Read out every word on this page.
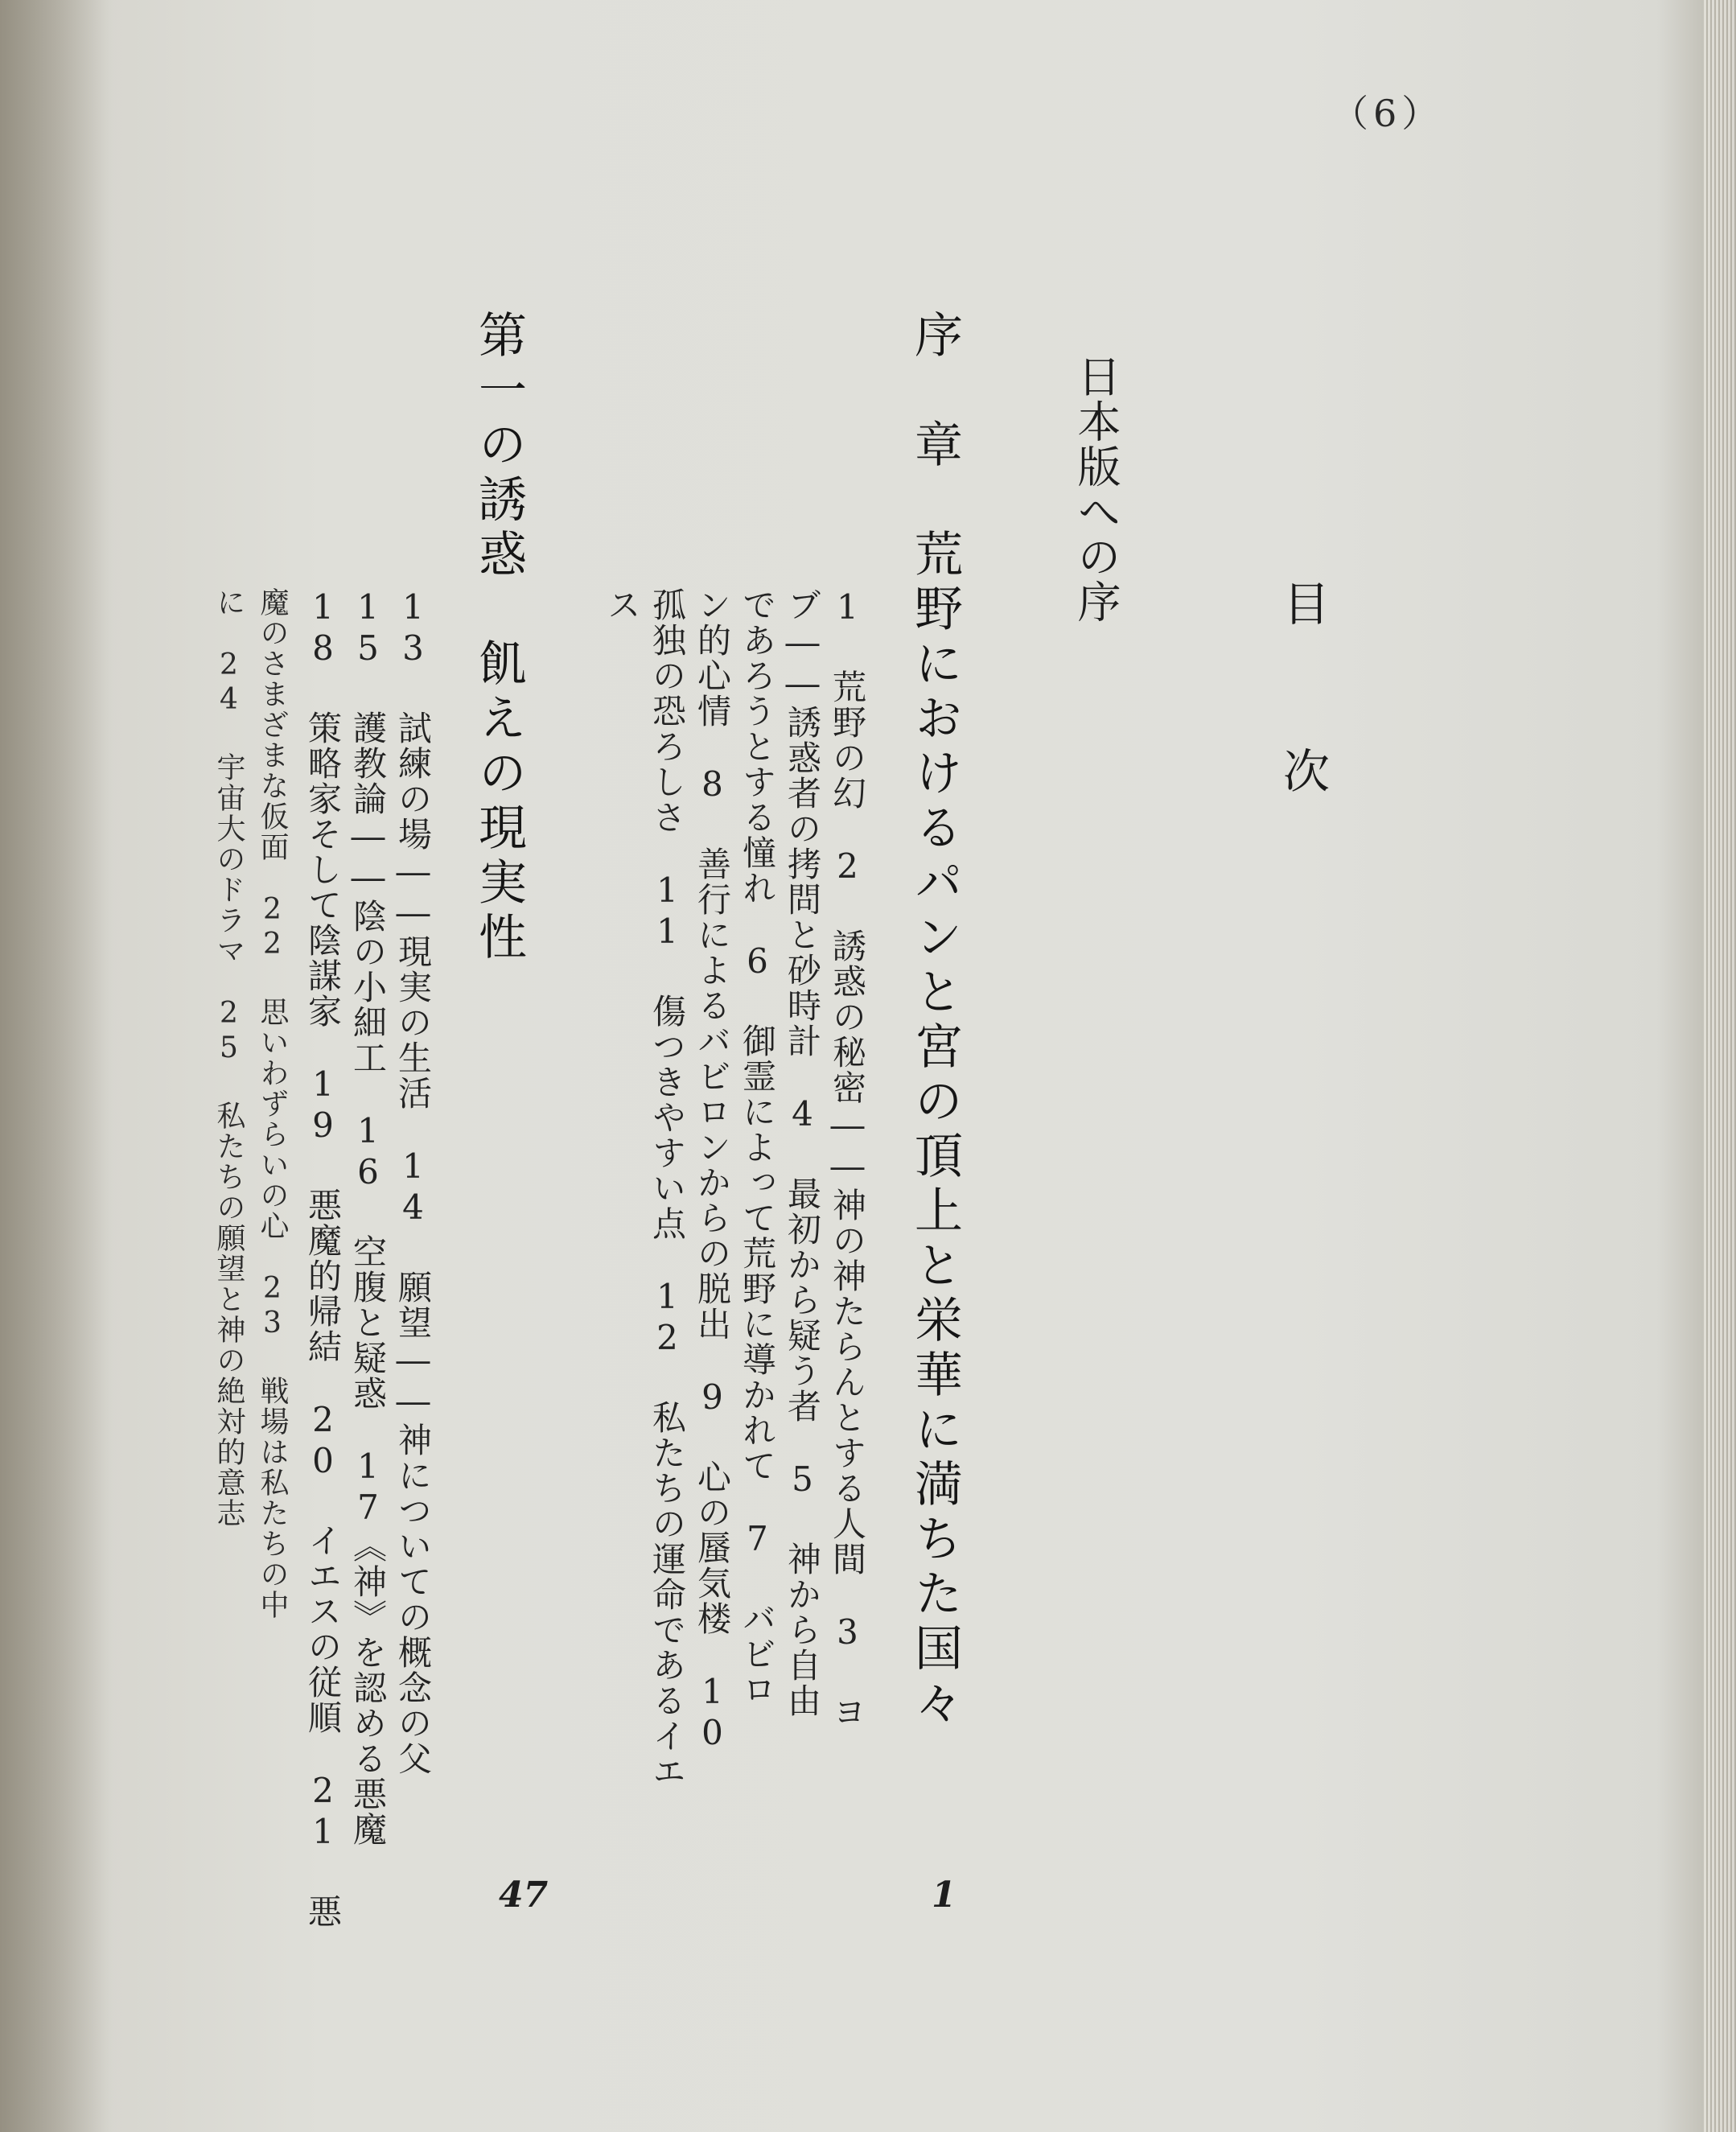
（6）
目次
日本版への序
序　章　荒野におけるパンと宮の頂上と栄華に満ちた国々
1 荒野の幻　2 誘惑の秘密――神の神たらんとする人間　3 ヨ
ブ――誘惑者の拷問と砂時計　4 最初から疑う者　5 神から自由
であろうとする憧れ　6 御霊によって荒野に導かれて　7 バビロ
ン的心情　8 善行によるバビロンからの脱出　9 心の蜃気楼　10
孤独の恐ろしさ　11 傷つきやすい点　12 私たちの運命であるイエ
ス
1
第一の誘惑　飢えの現実性
13 試練の場――現実の生活　14 願望――神についての概念の父
15 護教論――陰の小細工　16 空腹と疑惑　17《神》を認める悪魔
18 策略家そして陰謀家　19 悪魔的帰結　20 イエスの従順　21 悪
魔のさまざまな仮面　22 思いわずらいの心　23 戦場は私たちの中
に　24 宇宙大のドラマ　25 私たちの願望と神の絶対的意志
47
